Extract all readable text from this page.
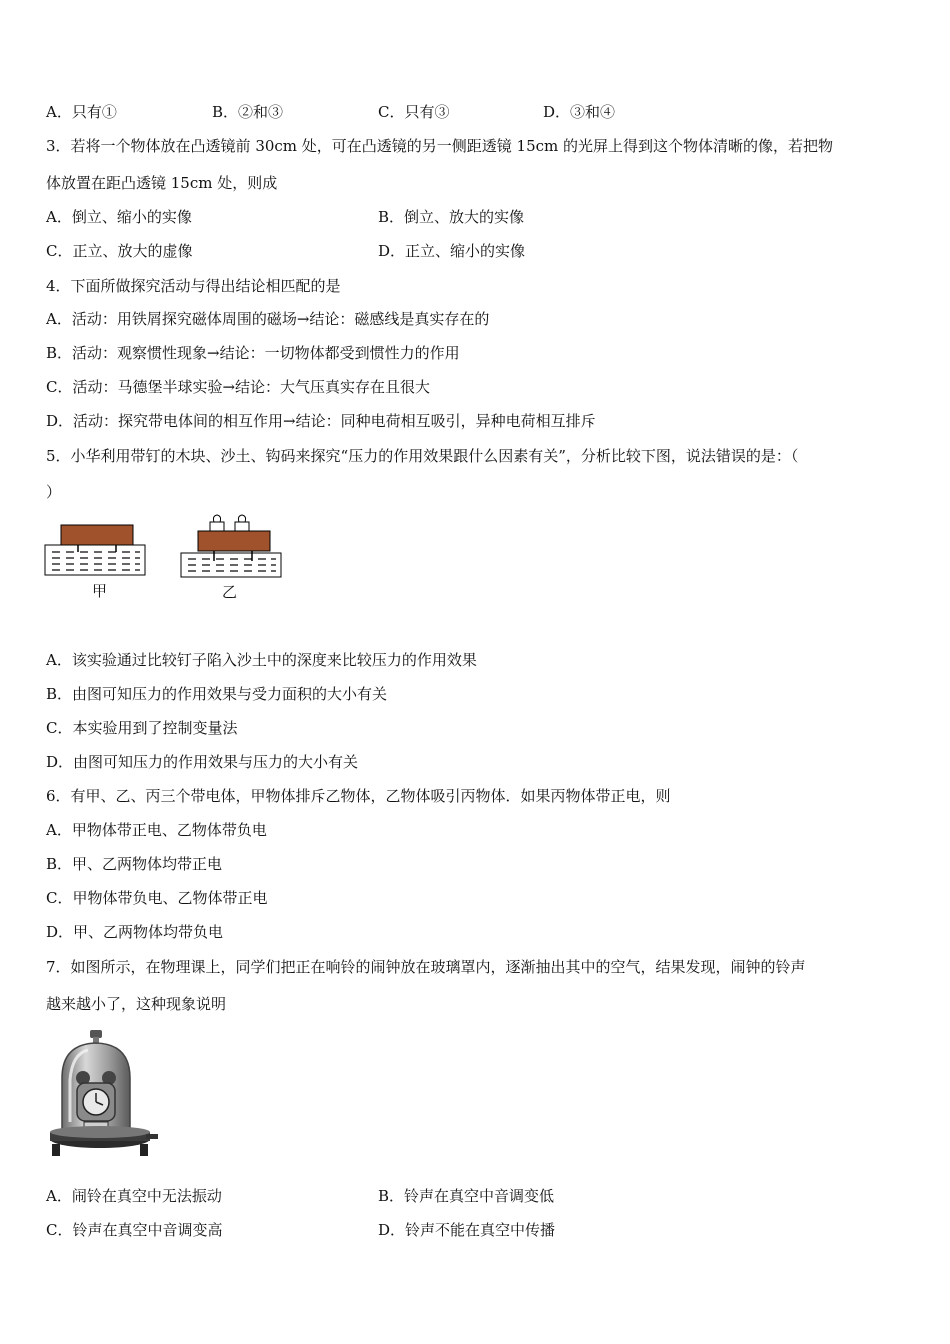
A．只有①	B．②和③	C．只有③	D．③和④
3．若将一个物体放在凸透镜前 30cm 处，可在凸透镜的另一侧距透镜 15cm 的光屏上得到这个物体清晰的像，若把物
体放置在距凸透镜 15cm 处，则成
A．倒立、缩小的实像	B．倒立、放大的实像
C．正立、放大的虚像	D．正立、缩小的实像
4．下面所做探究活动与得出结论相匹配的是
A．活动：用铁屑探究磁体周围的磁场→结论：磁感线是真实存在的
B．活动：观察惯性现象→结论：一切物体都受到惯性力的作用
C．活动：马德堡半球实验→结论：大气压真实存在且很大
D．活动：探究带电体间的相互作用→结论：同种电荷相互吸引，异种电荷相互排斥
5．小华利用带钉的木块、沙土、钩码来探究“压力的作用效果跟什么因素有关”，分析比较下图，说法错误的是：（
）
甲	乙
A．该实验通过比较钉子陷入沙土中的深度来比较压力的作用效果
B．由图可知压力的作用效果与受力面积的大小有关
C．本实验用到了控制变量法
D．由图可知压力的作用效果与压力的大小有关
6．有甲、乙、丙三个带电体，甲物体排斥乙物体，乙物体吸引丙物体．如果丙物体带正电，则
A．甲物体带正电、乙物体带负电
B．甲、乙两物体均带正电
C．甲物体带负电、乙物体带正电
D．甲、乙两物体均带负电
7．如图所示，在物理课上，同学们把正在响铃的闹钟放在玻璃罩内，逐渐抽出其中的空气，结果发现，闹钟的铃声
越来越小了，这种现象说明
A．闹铃在真空中无法振动	B．铃声在真空中音调变低
C．铃声在真空中音调变高	D．铃声不能在真空中传播
